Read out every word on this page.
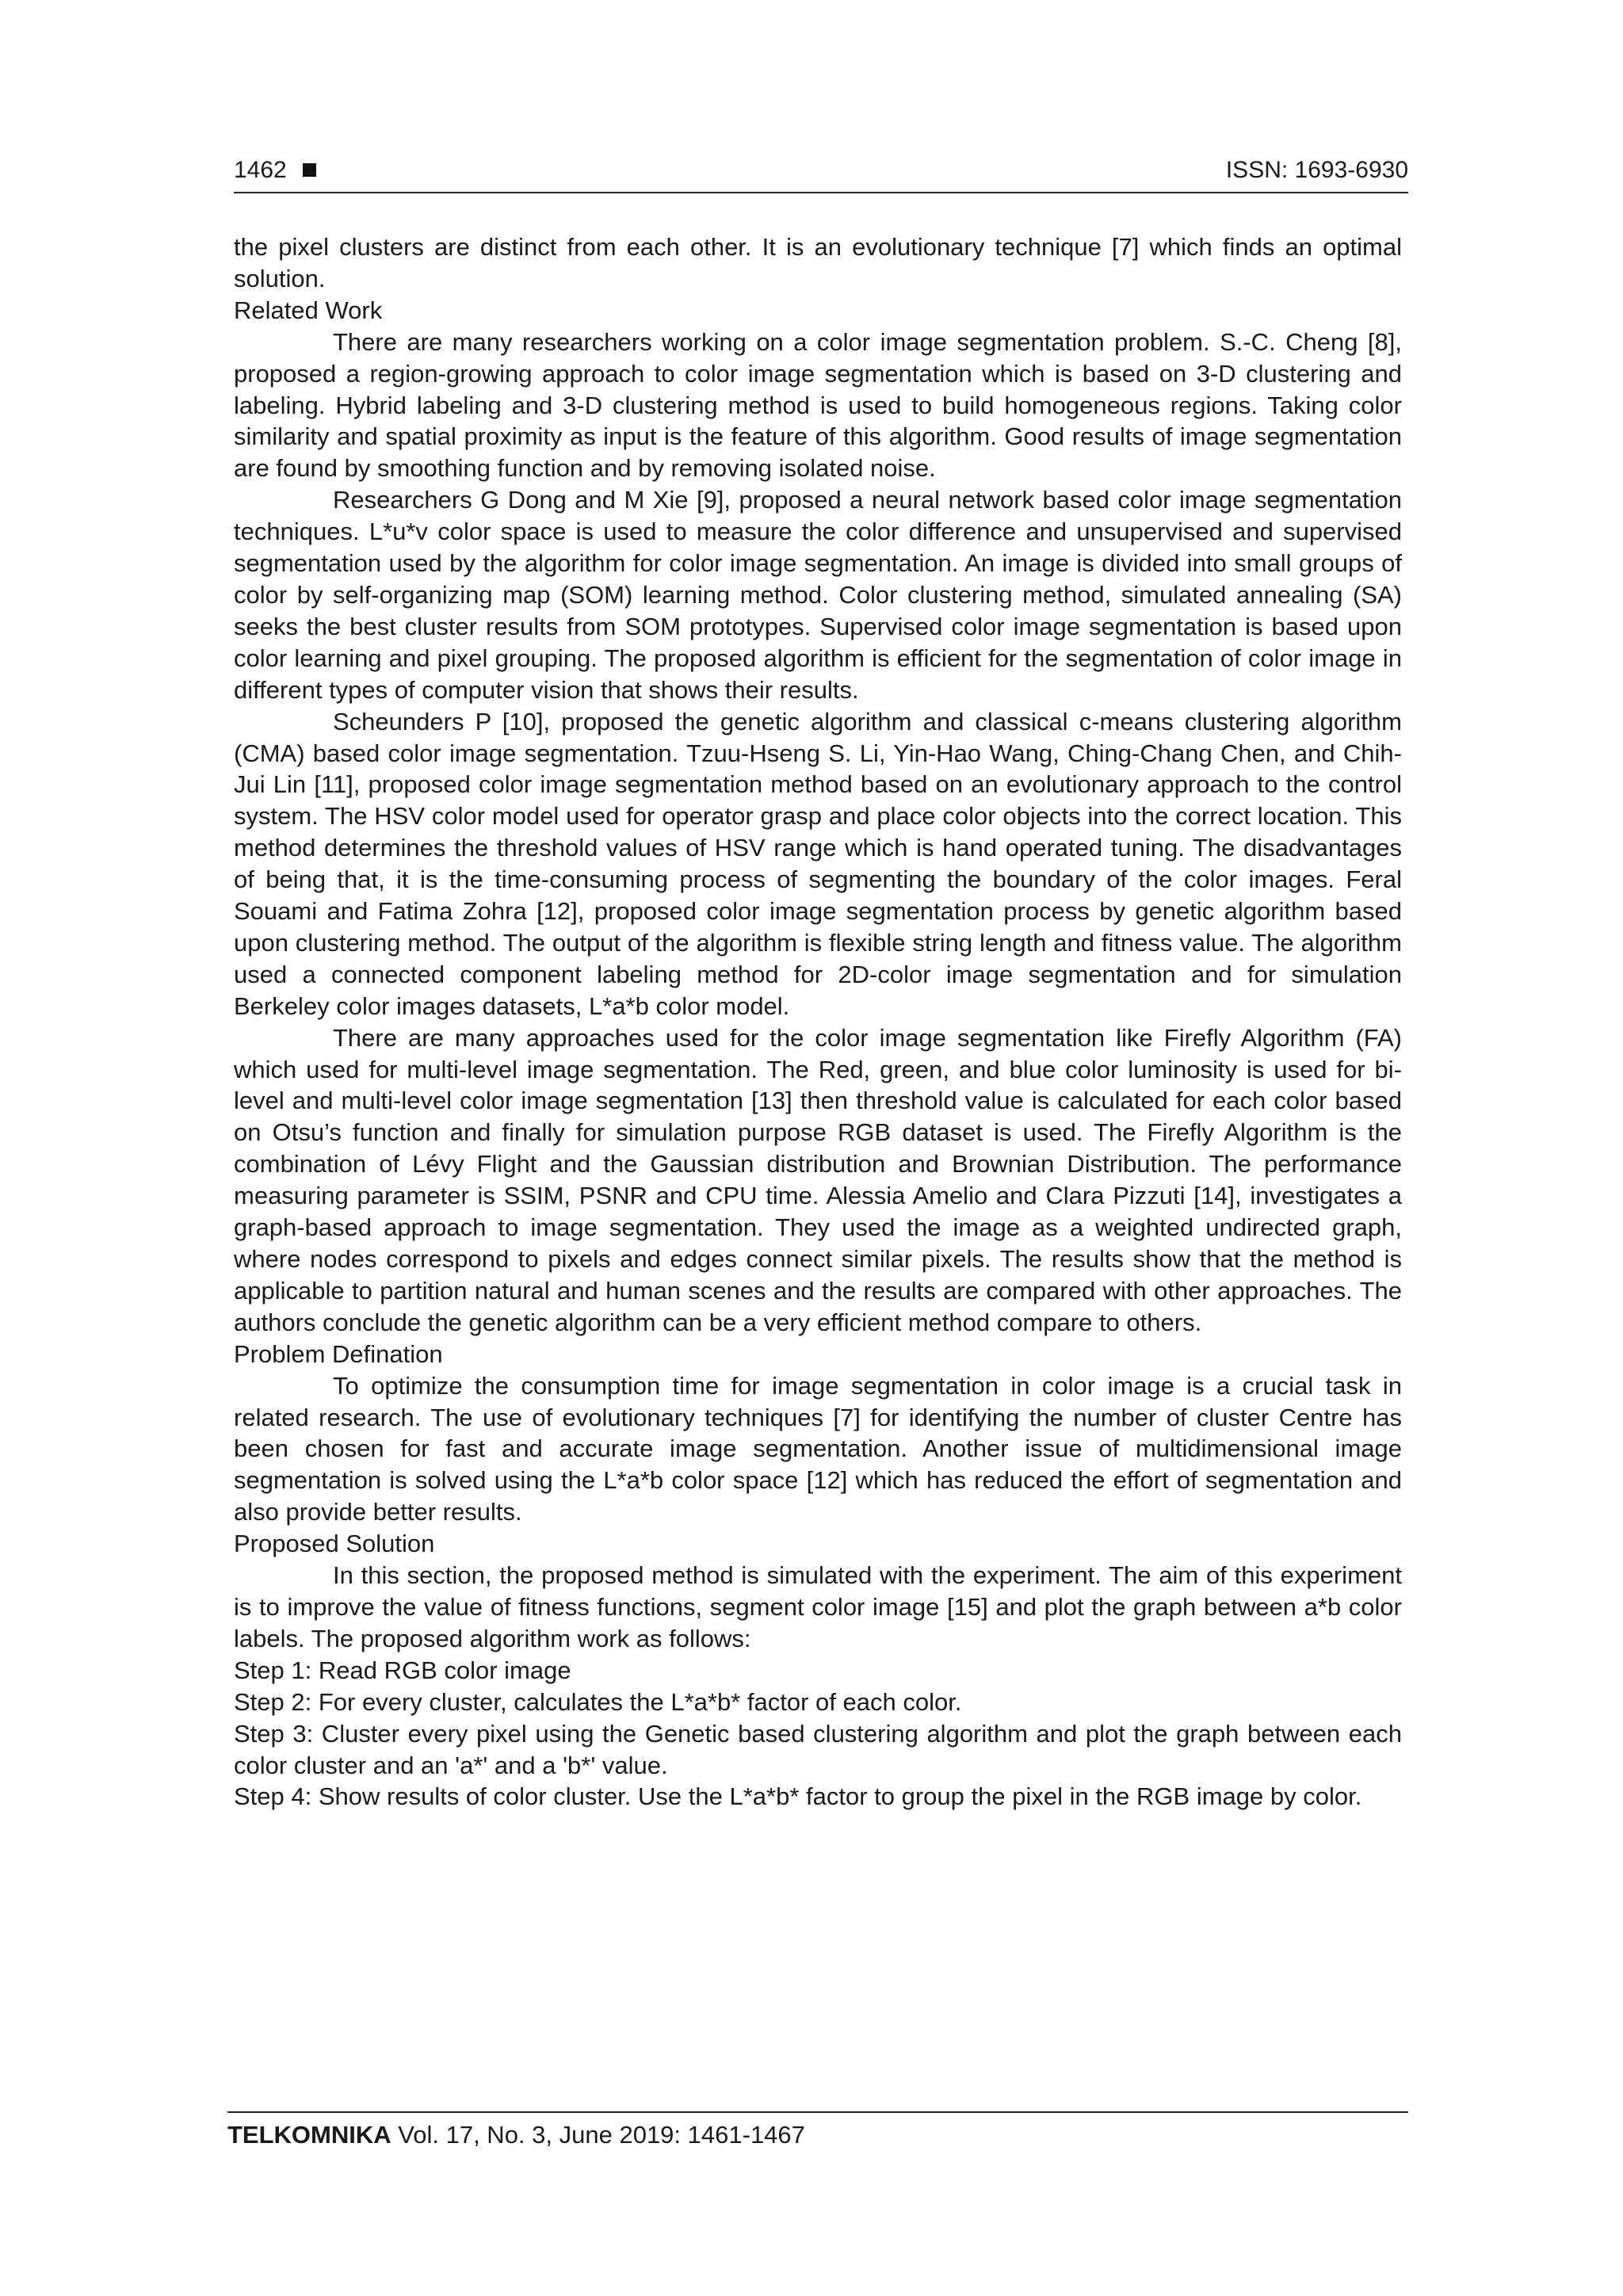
1462	ISSN: 1693-6930

the pixel clusters are distinct from each other. It is an evolutionary technique [7] which finds an optimal solution.

Related Work

There are many researchers working on a color image segmentation problem. S.-C. Cheng [8], proposed a region-growing approach to color image segmentation which is based on 3-D clustering and labeling. Hybrid labeling and 3-D clustering method is used to build homogeneous regions. Taking color similarity and spatial proximity as input is the feature of this algorithm. Good results of image segmentation are found by smoothing function and by removing isolated noise.

Researchers G Dong and M Xie [9], proposed a neural network based color image segmentation techniques. L*u*v color space is used to measure the color difference and unsupervised and supervised segmentation used by the algorithm for color image segmentation. An image is divided into small groups of color by self-organizing map (SOM) learning method. Color clustering method, simulated annealing (SA) seeks the best cluster results from SOM prototypes. Supervised color image segmentation is based upon color learning and pixel grouping. The proposed algorithm is efficient for the segmentation of color image in different types of computer vision that shows their results.

Scheunders P [10], proposed the genetic algorithm and classical c-means clustering algorithm (CMA) based color image segmentation. Tzuu-Hseng S. Li, Yin-Hao Wang, Ching-Chang Chen, and Chih-Jui Lin [11], proposed color image segmentation method based on an evolutionary approach to the control system. The HSV color model used for operator grasp and place color objects into the correct location. This method determines the threshold values of HSV range which is hand operated tuning. The disadvantages of being that, it is the time-consuming process of segmenting the boundary of the color images. Feral Souami and Fatima Zohra [12], proposed color image segmentation process by genetic algorithm based upon clustering method. The output of the algorithm is flexible string length and fitness value. The algorithm used a connected component labeling method for 2D-color image segmentation and for simulation Berkeley color images datasets, L*a*b color model.

There are many approaches used for the color image segmentation like Firefly Algorithm (FA) which used for multi-level image segmentation. The Red, green, and blue color luminosity is used for bi-level and multi-level color image segmentation [13] then threshold value is calculated for each color based on Otsu’s function and finally for simulation purpose RGB dataset is used. The Firefly Algorithm is the combination of Lévy Flight and the Gaussian distribution and Brownian Distribution. The performance measuring parameter is SSIM, PSNR and CPU time. Alessia Amelio and Clara Pizzuti [14], investigates a graph-based approach to image segmentation. They used the image as a weighted undirected graph, where nodes correspond to pixels and edges connect similar pixels. The results show that the method is applicable to partition natural and human scenes and the results are compared with other approaches. The authors conclude the genetic algorithm can be a very efficient method compare to others.

Problem Defination

To optimize the consumption time for image segmentation in color image is a crucial task in related research. The use of evolutionary techniques [7] for identifying the number of cluster Centre has been chosen for fast and accurate image segmentation. Another issue of multidimensional image segmentation is solved using the L*a*b color space [12] which has reduced the effort of segmentation and also provide better results.

Proposed Solution

In this section, the proposed method is simulated with the experiment. The aim of this experiment is to improve the value of fitness functions, segment color image [15] and plot the graph between a*b color labels. The proposed algorithm work as follows:

Step 1: Read RGB color image

Step 2: For every cluster, calculates the L*a*b* factor of each color.

Step 3: Cluster every pixel using the Genetic based clustering algorithm and plot the graph between each color cluster and an 'a*' and a 'b*' value.

Step 4: Show results of color cluster. Use the L*a*b* factor to group the pixel in the RGB image by color.

TELKOMNIKA Vol. 17, No. 3, June 2019: 1461-1467
